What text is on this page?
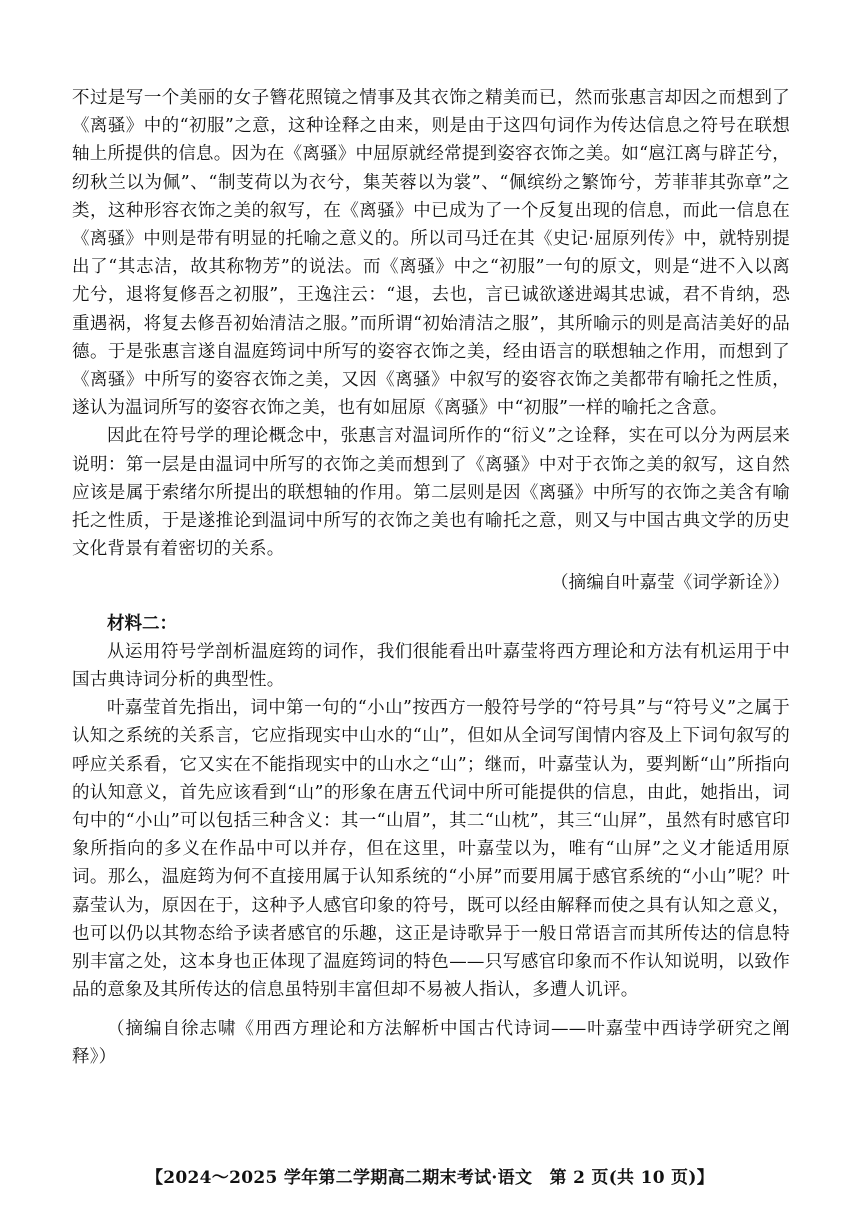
不过是写一个美丽的女子簪花照镜之情事及其衣饰之精美而已，然而张惠言却因之而想到了《离骚》中的“初服”之意，这种诠释之由来，则是由于这四句词作为传达信息之符号在联想轴上所提供的信息。因为在《离骚》中屈原就经常提到姿容衣饰之美。如“扈江离与辟芷兮，纫秋兰以为佩”、“制芰荷以为衣兮，集芙蓉以为裳”、“佩缤纷之繁饰兮，芳菲菲其弥章”之类，这种形容衣饰之美的叙写，在《离骚》中已成为了一个反复出现的信息，而此一信息在《离骚》中则是带有明显的托喻之意义的。所以司马迁在其《史记·屈原列传》中，就特别提出了“其志洁，故其称物芳”的说法。而《离骚》中之“初服”一句的原文，则是“进不入以离尤兮，退将复修吾之初服”，王逸注云：“退，去也，言已诚欲遂进竭其忠诚，君不肯纳，恐重遇祸，将复去修吾初始清洁之服。”而所谓“初始清洁之服”，其所喻示的则是高洁美好的品德。于是张惠言遂自温庭筠词中所写的姿容衣饰之美，经由语言的联想轴之作用，而想到了《离骚》中所写的姿容衣饰之美，又因《离骚》中叙写的姿容衣饰之美都带有喻托之性质，遂认为温词所写的姿容衣饰之美，也有如屈原《离骚》中“初服”一样的喻托之含意。

因此在符号学的理论概念中，张惠言对温词所作的“衍义”之诠释，实在可以分为两层来说明：第一层是由温词中所写的衣饰之美而想到了《离骚》中对于衣饰之美的叙写，这自然应该是属于索绪尔所提出的联想轴的作用。第二层则是因《离骚》中所写的衣饰之美含有喻托之性质，于是遂推论到温词中所写的衣饰之美也有喻托之意，则又与中国古典文学的历史文化背景有着密切的关系。

（摘编自叶嘉莹《词学新诠》）

材料二：

从运用符号学剖析温庭筠的词作，我们很能看出叶嘉莹将西方理论和方法有机运用于中国古典诗词分析的典型性。

叶嘉莹首先指出，词中第一句的“小山”按西方一般符号学的“符号具”与“符号义”之属于认知之系统的关系言，它应指现实中山水的“山”，但如从全词写闺情内容及上下词句叙写的呼应关系看，它又实在不能指现实中的山水之“山”；继而，叶嘉莹认为，要判断“山”所指向的认知意义，首先应该看到“山”的形象在唐五代词中所可能提供的信息，由此，她指出，词句中的“小山”可以包括三种含义：其一“山眉”，其二“山枕”，其三“山屏”，虽然有时感官印象所指向的多义在作品中可以并存，但在这里，叶嘉莹以为，唯有“山屏”之义才能适用原词。那么，温庭筠为何不直接用属于认知系统的“小屏”而要用属于感官系统的“小山”呢？叶嘉莹认为，原因在于，这种予人感官印象的符号，既可以经由解释而使之具有认知之意义，也可以仍以其物态给予读者感官的乐趣，这正是诗歌异于一般日常语言而其所传达的信息特别丰富之处，这本身也正体现了温庭筠词的特色——只写感官印象而不作认知说明，以致作品的意象及其所传达的信息虽特别丰富但却不易被人指认，多遭人讥评。

（摘编自徐志啸《用西方理论和方法解析中国古代诗词——叶嘉莹中西诗学研究之阐释》）

【2024～2025 学年第二学期高二期末考试·语文　第 2 页(共 10 页)】
